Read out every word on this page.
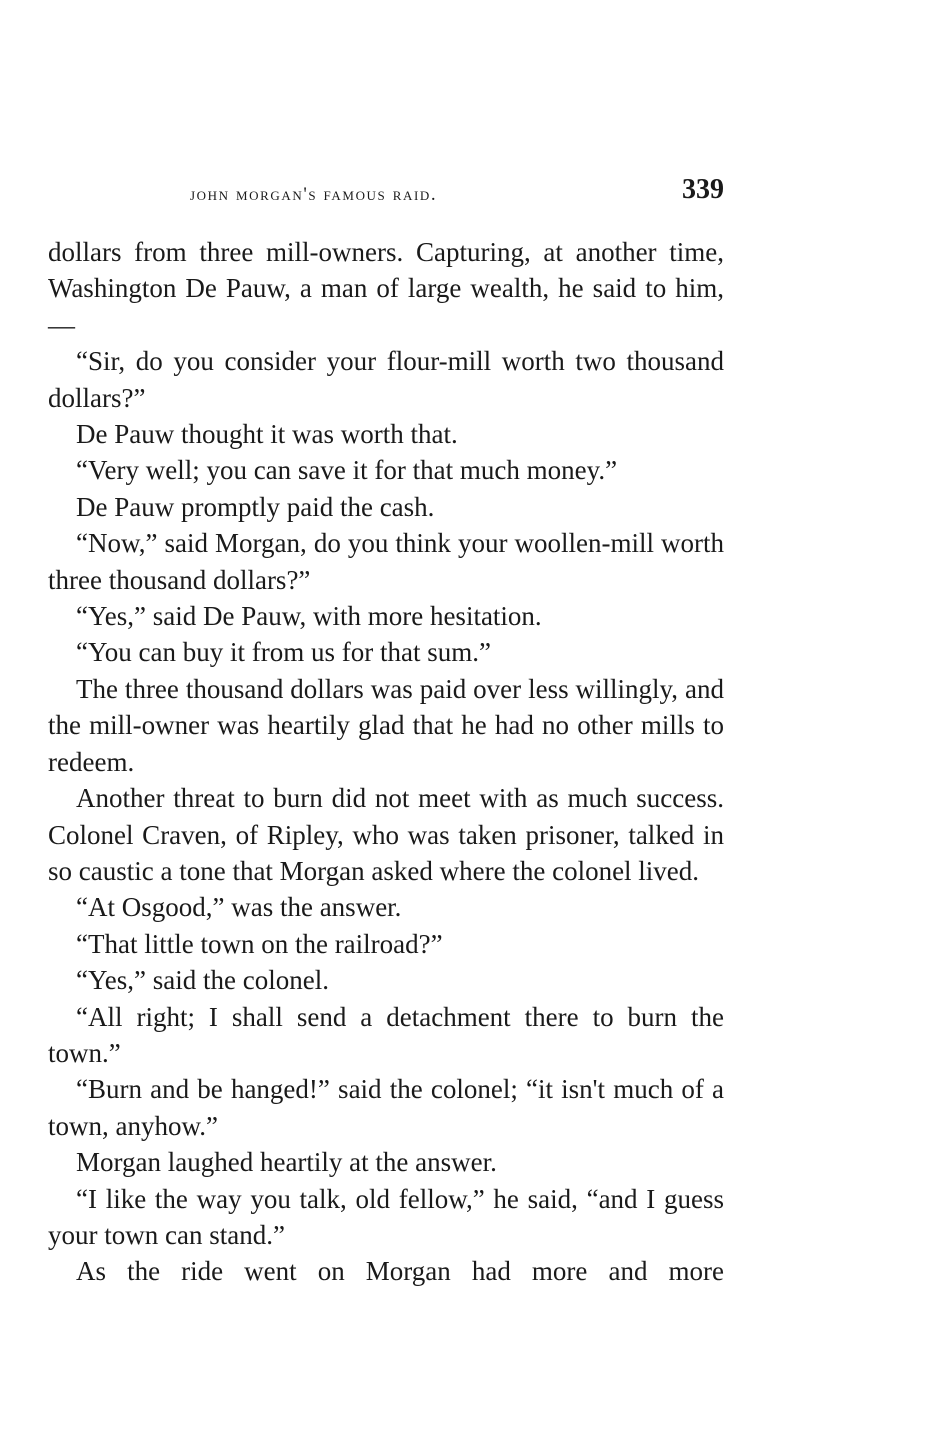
john morgan's famous raid.	339

dollars from three mill-owners. Capturing, at another time, Washington De Pauw, a man of large wealth, he said to him,—

“Sir, do you consider your flour-mill worth two thousand dollars?”

De Pauw thought it was worth that.

“Very well; you can save it for that much money.”

De Pauw promptly paid the cash.

“Now,” said Morgan, do you think your woollen-mill worth three thousand dollars?”

“Yes,” said De Pauw, with more hesitation.

“You can buy it from us for that sum.”

The three thousand dollars was paid over less willingly, and the mill-owner was heartily glad that he had no other mills to redeem.

Another threat to burn did not meet with as much success. Colonel Craven, of Ripley, who was taken prisoner, talked in so caustic a tone that Morgan asked where the colonel lived.

“At Osgood,” was the answer.

“That little town on the railroad?”

“Yes,” said the colonel.

“All right; I shall send a detachment there to burn the town.”

“Burn and be hanged!” said the colonel; “it isn't much of a town, anyhow.”

Morgan laughed heartily at the answer.

“I like the way you talk, old fellow,” he said, “and I guess your town can stand.”

As the ride went on Morgan had more and more
